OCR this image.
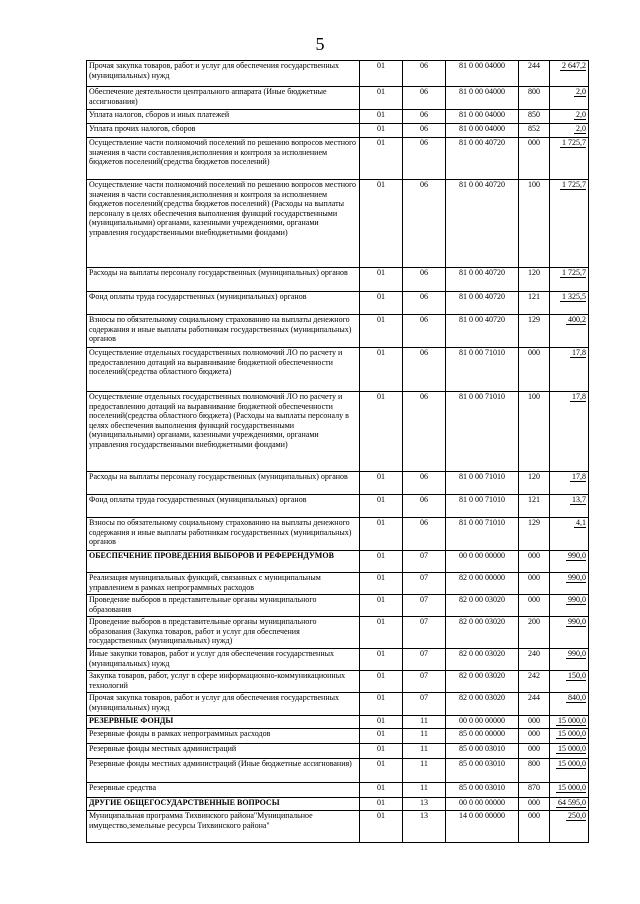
5
Прочая закупка товаров, работ и услуг для обеспечения государственных (муниципальных) нужд	01	06	81 0 00 04000	244	2 647,2
Обеспечение деятельности центрального аппарата (Иные бюджетные ассигнования)	01	06	81 0 00 04000	800	2,0
Уплата налогов, сборов и иных платежей	01	06	81 0 00 04000	850	2,0
Уплата прочих налогов, сборов	01	06	81 0 00 04000	852	2,0
Осуществление части полномочий поселений по решению вопросов местного значения в части составления,исполнения и контроля за исполнением бюджетов поселений(средства бюджетов поселений)	01	06	81 0 00 40720	000	1 725,7
Осуществление части полномочий поселений по решению вопросов местного значения в части составления,исполнения и контроля за исполнением бюджетов поселений(средства бюджетов поселений) (Расходы на выплаты персоналу в целях обеспечения выполнения функций государственными (муниципальными) органами, казенными учреждениями, органами управления государственными внебюджетными фондами)	01	06	81 0 00 40720	100	1 725,7
Расходы на выплаты персоналу государственных (муниципальных) органов	01	06	81 0 00 40720	120	1 725,7
Фонд оплаты труда государственных (муниципальных) органов	01	06	81 0 00 40720	121	1 325,5
Взносы по обязательному социальному страхованию на выплаты денежного содержания и иные выплаты работникам государственных (муниципальных) органов	01	06	81 0 00 40720	129	400,2
Осуществление отдельных государственных полномочий ЛО по расчету и предоставлению дотаций на выравнивание бюджетной обеспеченности поселений(средства областного бюджета)	01	06	81 0 00 71010	000	17,8
Осуществление отдельных государственных полномочий ЛО по расчету и предоставлению дотаций на выравнивание бюджетной обеспеченности поселений(средства областного бюджета) (Расходы на выплаты персоналу в целях обеспечения выполнения функций государственными (муниципальными) органами, казенными учреждениями, органами управления государственными внебюджетными фондами)	01	06	81 0 00 71010	100	17,8
Расходы на выплаты персоналу государственных (муниципальных) органов	01	06	81 0 00 71010	120	17,8
Фонд оплаты труда государственных (муниципальных) органов	01	06	81 0 00 71010	121	13,7
Взносы по обязательному социальному страхованию на выплаты денежного содержания и иные выплаты работникам государственных (муниципальных) органов	01	06	81 0 00 71010	129	4,1
ОБЕСПЕЧЕНИЕ ПРОВЕДЕНИЯ ВЫБОРОВ И РЕФЕРЕНДУМОВ	01	07	00 0 00 00000	000	990,0
Реализация муниципальных функций, связанных с муниципальным управлением в рамках непрограммных расходов	01	07	82 0 00 00000	000	990,0
Проведение выборов в представительные органы муниципального образования	01	07	82 0 00 03020	000	990,0
Проведение выборов в представительные органы муниципального образования (Закупка товаров, работ и услуг для обеспечения государственных (муниципальных) нужд)	01	07	82 0 00 03020	200	990,0
Иные закупки товаров, работ и услуг для обеспечения государственных (муниципальных) нужд	01	07	82 0 00 03020	240	990,0
Закупка товаров, работ, услуг в сфере информационно-коммуникационных технологий	01	07	82 0 00 03020	242	150,0
Прочая закупка товаров, работ и услуг для обеспечения государственных (муниципальных) нужд	01	07	82 0 00 03020	244	840,0
РЕЗЕРВНЫЕ ФОНДЫ	01	11	00 0 00 00000	000	15 000,0
Резервные фонды в рамках непрограммных расходов	01	11	85 0 00 00000	000	15 000,0
Резервные фонды местных администраций	01	11	85 0 00 03010	000	15 000,0
Резервные фонды местных администраций (Иные бюджетные ассигнования)	01	11	85 0 00 03010	800	15 000,0
Резервные средства	01	11	85 0 00 03010	870	15 000,0
ДРУГИЕ ОБЩЕГОСУДАРСТВЕННЫЕ ВОПРОСЫ	01	13	00 0 00 00000	000	64 595,0
Муниципальная программа Тихвинского района"Муниципальное имущество,земельные ресурсы Тихвинского района"	01	13	14 0 00 00000	000	250,0
